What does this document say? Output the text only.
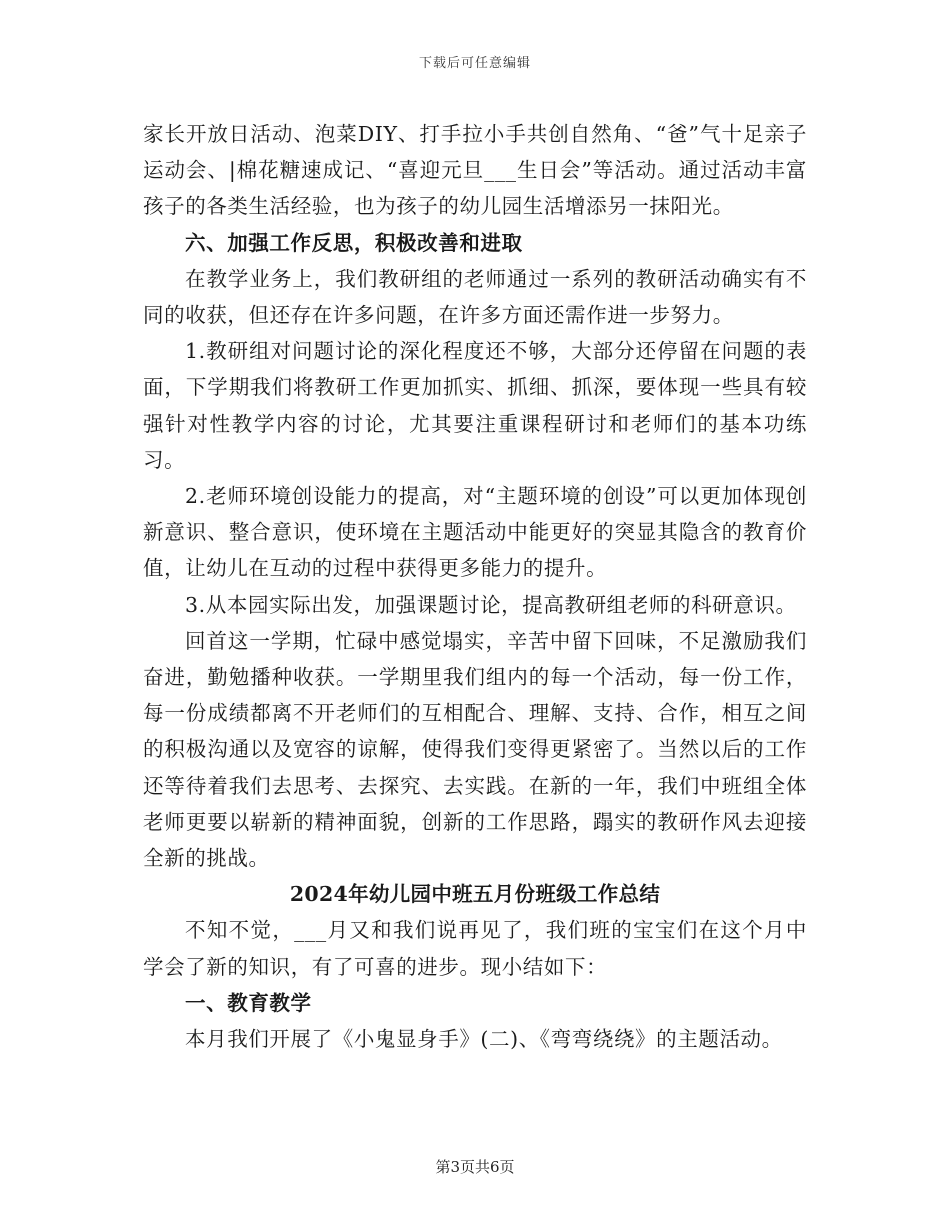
下载后可任意编辑

家长开放日活动、泡菜DIY、打手拉小手共创自然角、“爸”气十足亲子运动会、|棉花糖速成记、“喜迎元旦___生日会”等活动。通过活动丰富孩子的各类生活经验，也为孩子的幼儿园生活增添另一抹阳光。

六、加强工作反思，积极改善和进取

在教学业务上，我们教研组的老师通过一系列的教研活动确实有不同的收获，但还存在许多问题，在许多方面还需作进一步努力。

1.教研组对问题讨论的深化程度还不够，大部分还停留在问题的表面，下学期我们将教研工作更加抓实、抓细、抓深，要体现一些具有较强针对性教学内容的讨论，尤其要注重课程研讨和老师们的基本功练习。

2.老师环境创设能力的提高，对“主题环境的创设”可以更加体现创新意识、整合意识，使环境在主题活动中能更好的突显其隐含的教育价值，让幼儿在互动的过程中获得更多能力的提升。

3.从本园实际出发，加强课题讨论，提高教研组老师的科研意识。

回首这一学期，忙碌中感觉塌实，辛苦中留下回味，不足激励我们奋进，勤勉播种收获。一学期里我们组内的每一个活动，每一份工作，每一份成绩都离不开老师们的互相配合、理解、支持、合作，相互之间的积极沟通以及宽容的谅解，使得我们变得更紧密了。当然以后的工作还等待着我们去思考、去探究、去实践。在新的一年，我们中班组全体老师更要以崭新的精神面貌，创新的工作思路，蹋实的教研作风去迎接全新的挑战。

2024年幼儿园中班五月份班级工作总结

不知不觉，___月又和我们说再见了，我们班的宝宝们在这个月中学会了新的知识，有了可喜的进步。现小结如下：

一、教育教学

本月我们开展了《小鬼显身手》(二)、《弯弯绕绕》的主题活动。

第3页共6页
